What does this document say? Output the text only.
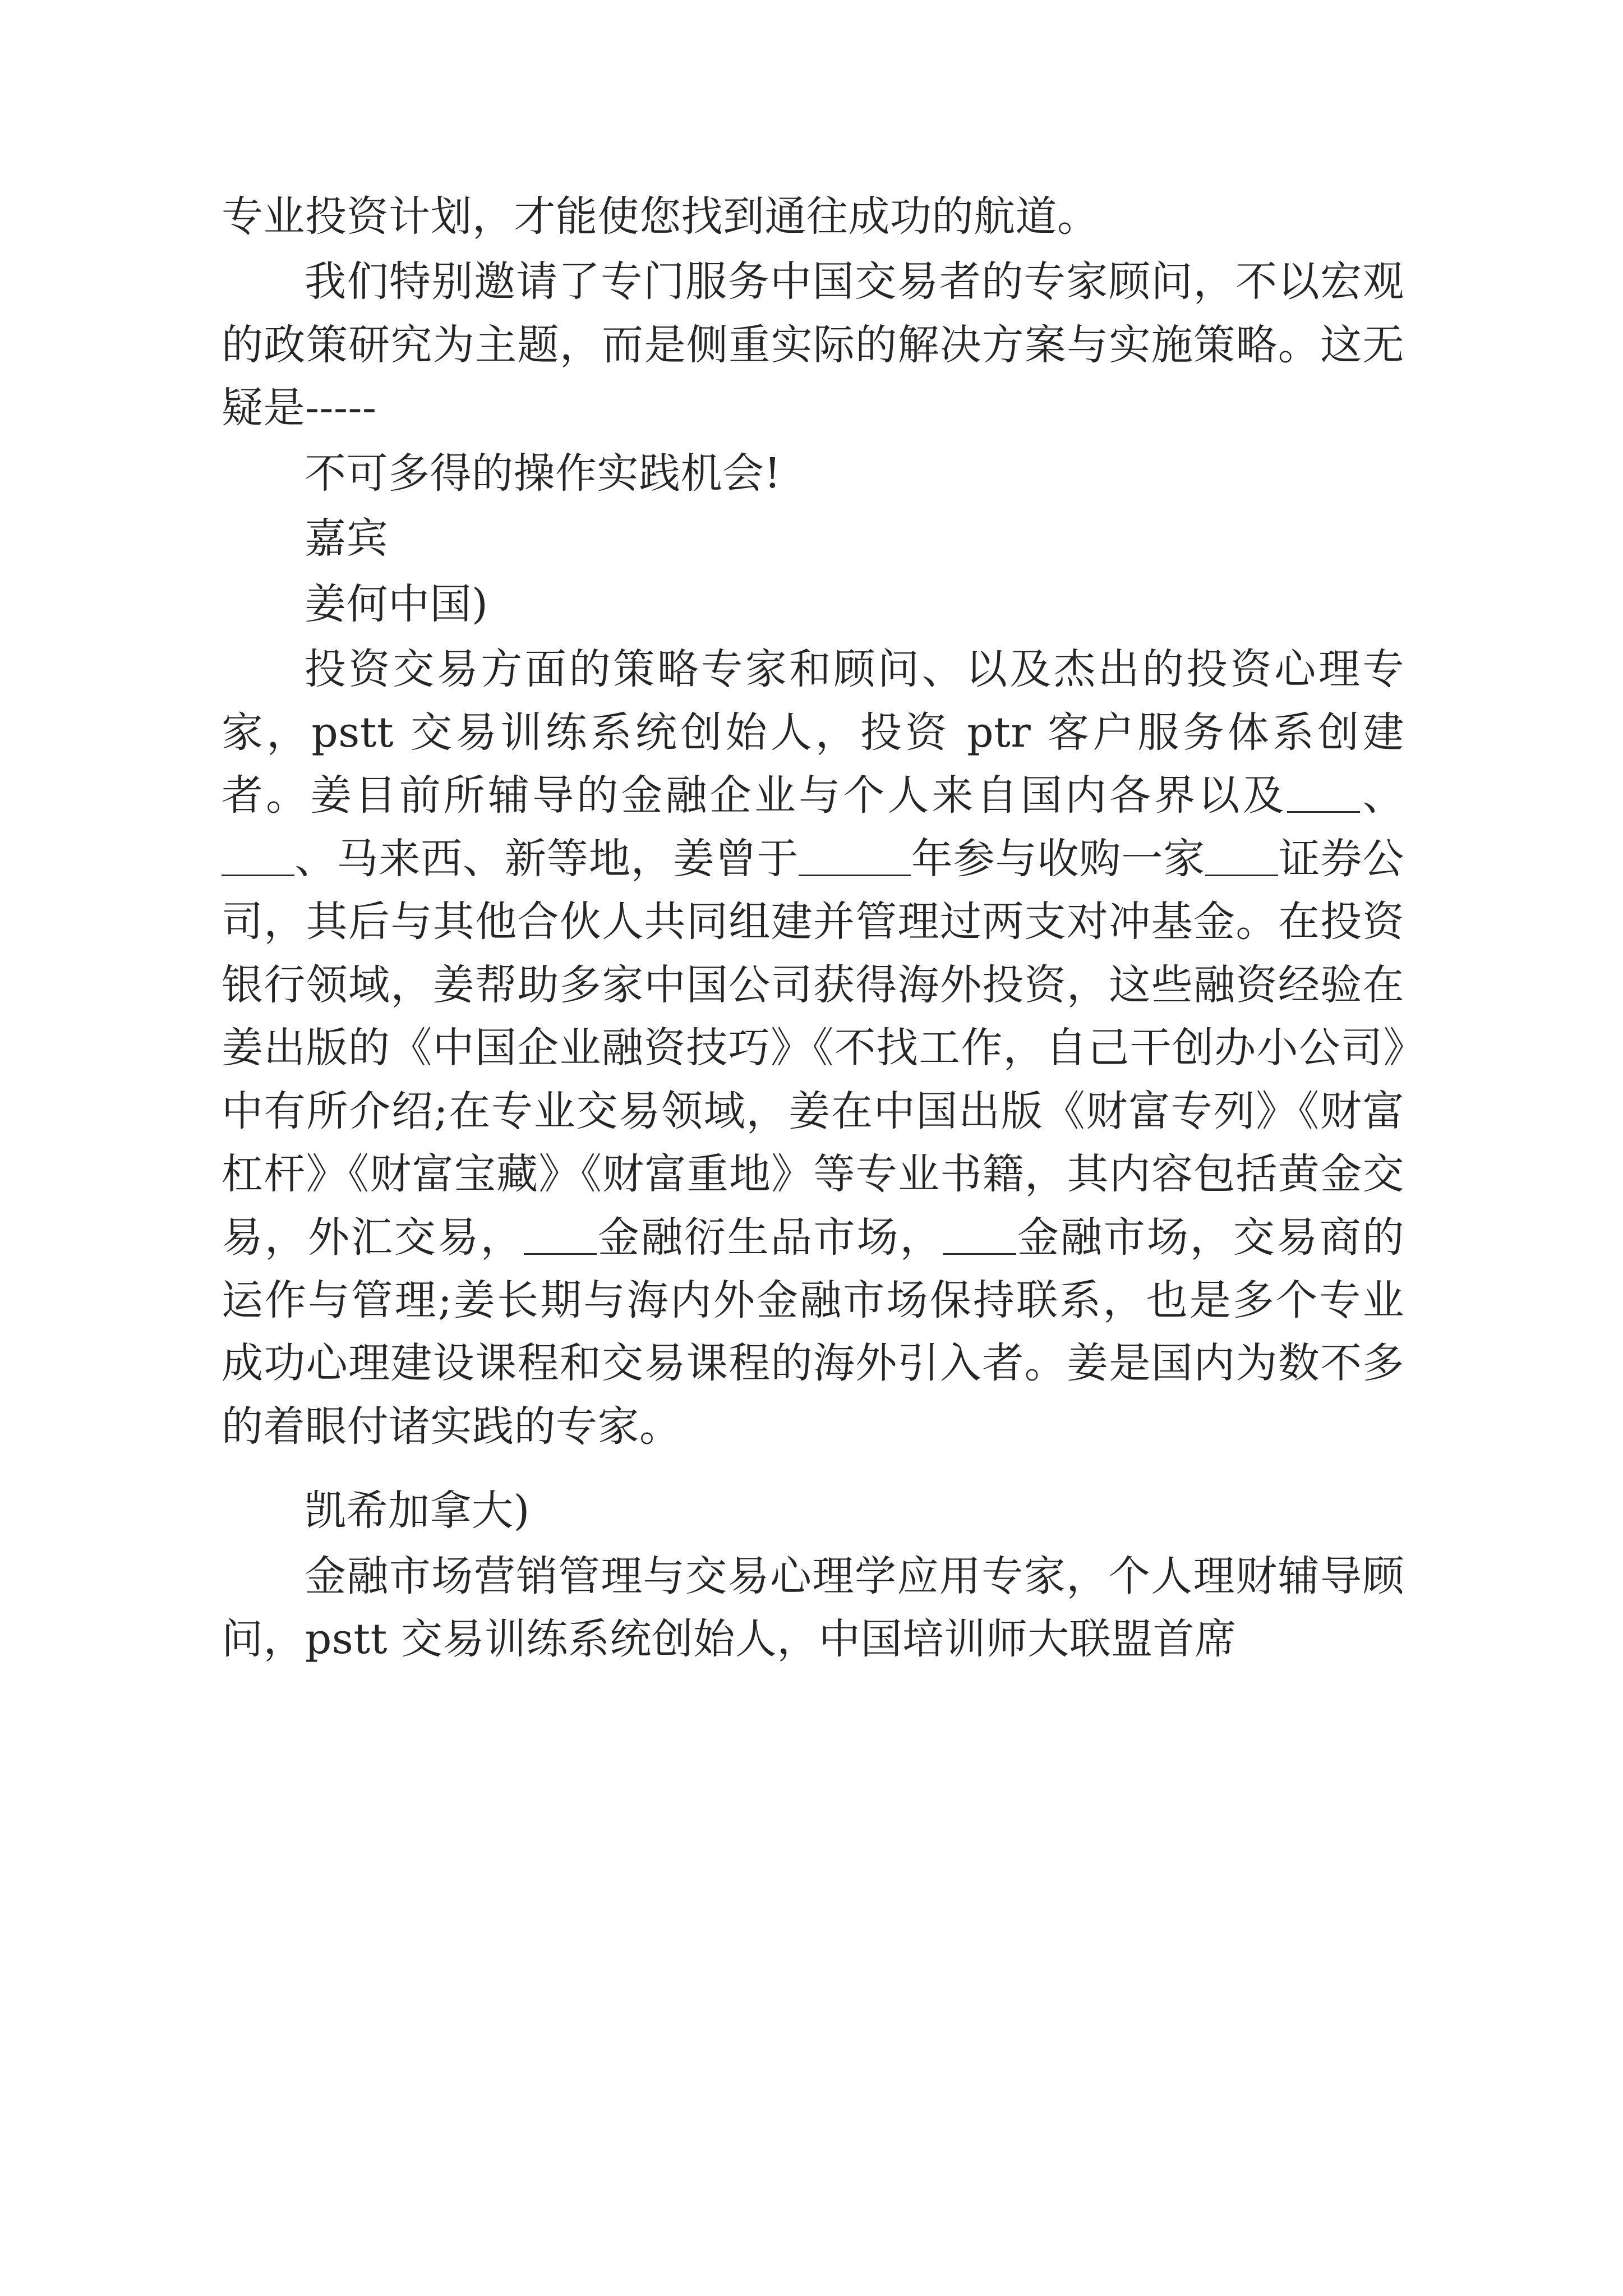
专业投资计划，才能使您找到通往成功的航道。

我们特别邀请了专门服务中国交易者的专家顾问，不以宏观的政策研究为主题，而是侧重实际的解决方案与实施策略。这无疑是-----

不可多得的操作实践机会!

嘉宾

姜何中国)

投资交易方面的策略专家和顾问、以及杰出的投资心理专家，pstt 交易训练系统创始人，投资 ptr 客户服务体系创建者。姜目前所辅导的金融企业与个人来自国内各界以及 、、马来西、新等地，姜曾于	年参与收购一家 证券公司，其后与其他合伙人共同组建并管理过两支对冲基金。在投资银行领域，姜帮助多家中国公司获得海外投资，这些融资经验在姜出版的《中国企业融资技巧》《不找工作，自己干创办小公司》中有所介绍;在专业交易领域，姜在中国出版《财富专列》《财富杠杆》《财富宝藏》《财富重地》等专业书籍，其内容包括黄金交易，外汇交易， 金融衍生品市场， 金融市场，交易商的运作与管理;姜长期与海内外金融市场保持联系，也是多个专业成功心理建设课程和交易课程的海外引入者。姜是国内为数不多的着眼付诸实践的专家。

凯希加拿大)

金融市场营销管理与交易心理学应用专家，个人理财辅导顾问，pstt 交易训练系统创始人，中国培训师大联盟首席
